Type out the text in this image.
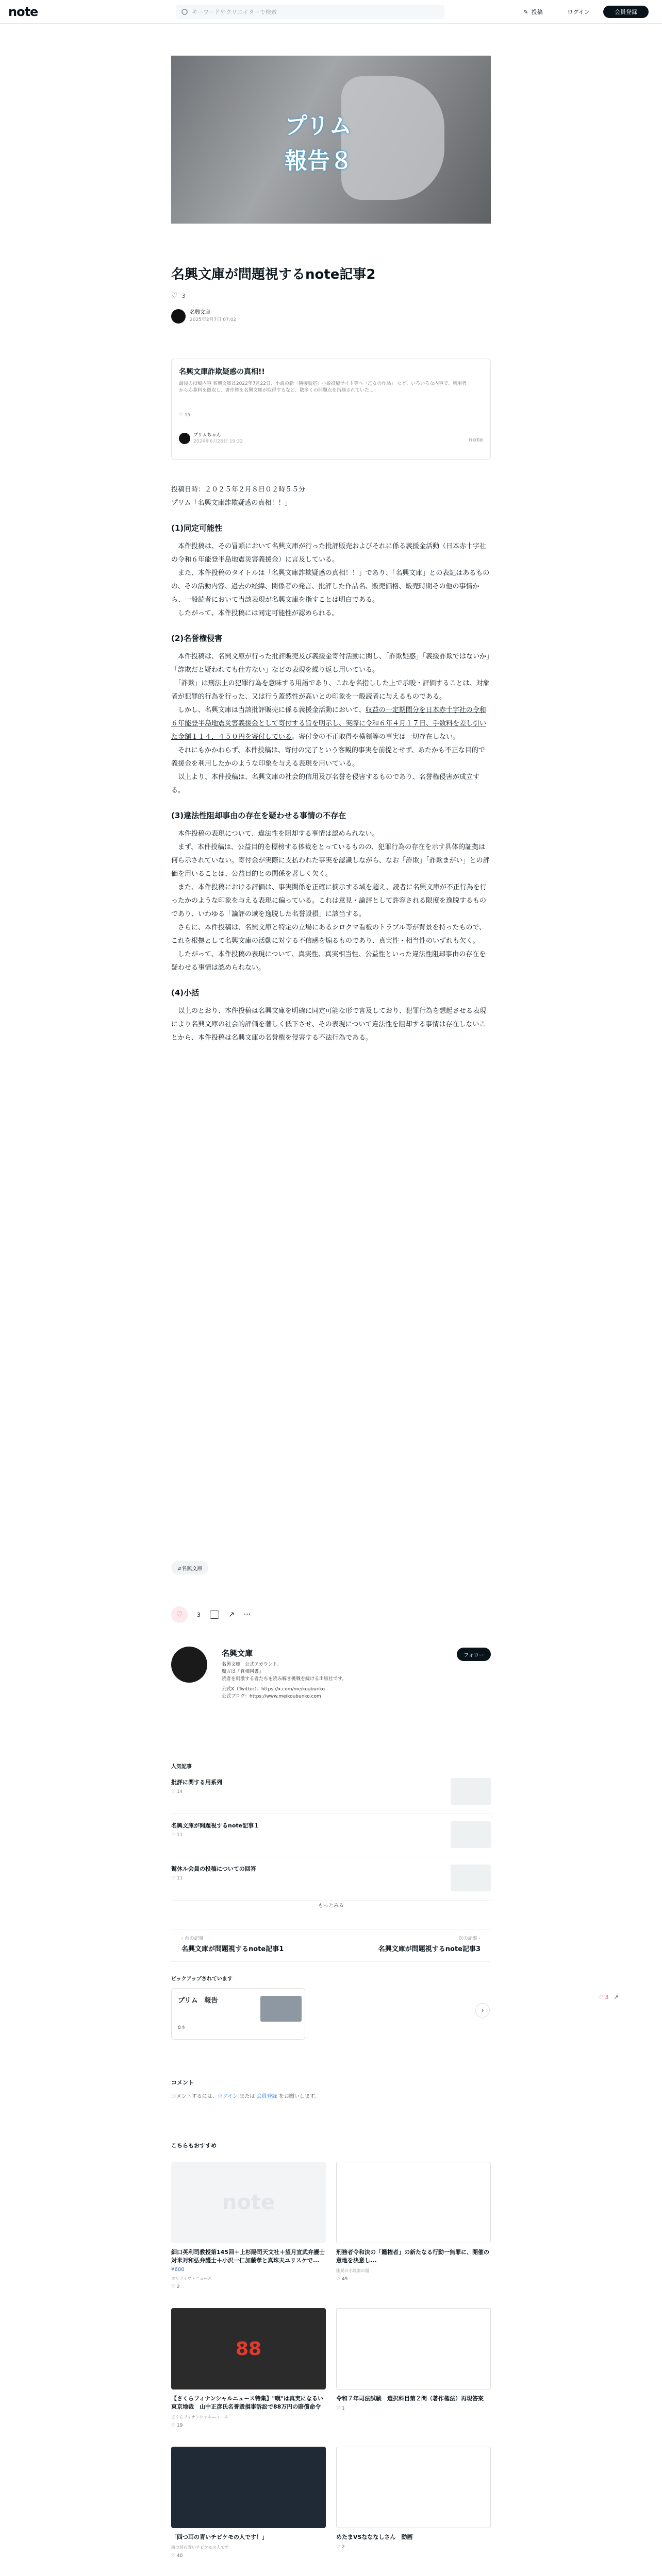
note	キーワードやクリエイターで検索	✎ 投稿	ログイン	会員登録
プリム
報告８
名興文庫が問題視するnote記事2
♡ 3
名興文庫
2025年2月7日 07:02
名興文庫詐欺疑惑の真相!!
最後の投稿内容 名興文庫は2022年7月22日、小説の新「隣接動応」小説投稿サイト等へ「乙女の作品」 など、いろいろな内容で、利用者から応募料を徴収し、著作権を名興文庫が取得するなど、数多くの問題点を指摘されていた...
♡ 15
プリムちゃん
2024年6月26日 19:32	note

投稿日時：２０２５年２月８日０２時５５分

プリム「名興文庫詐欺疑惑の真相！！」

(1)同定可能性

　本件投稿は、その冒頭において名興文庫が行った批評販売およびそれに係る義援金活動（日本赤十字社の令和６年能登半島地震災害義援金）に言及している。

　また、本件投稿のタイトルは「名興文庫詐欺疑惑の真相！！」であり、「名興文庫」との表記はあるものの、その活動内容、過去の経緯、関係者の発言、批評した作品名、販売価格、販売時期その他の事情から、一般読者において当該表現が名興文庫を指すことは明白である。

　したがって、本件投稿には同定可能性が認められる。

(2)名誉権侵害

　本件投稿は、名興文庫が行った批評販売及び義援金寄付活動に関し、「詐欺疑惑」「義援詐欺ではないか」「詐欺だと疑われても仕方ない」などの表現を繰り返し用いている。

　「詐欺」は刑法上の犯罪行為を意味する用語であり、これを名指しした上で示唆・評価することは、対象者が犯罪的行為を行った、又は行う蓋然性が高いとの印象を一般読者に与えるものである。

　しかし、名興文庫は当該批評販売に係る義援金活動において、収益の一定期間分を日本赤十字社の令和６年能登半島地震災害義援金として寄付する旨を明示し、実際に令和６年４月１７日、手数料を差し引いた金額１１４，４５０円を寄付している。寄付金の不正取得や横領等の事実は一切存在しない。

　それにもかかわらず、本件投稿は、寄付の完了という客観的事実を前提とせず、あたかも不正な目的で義援金を利用したかのような印象を与える表現を用いている。

　以上より、本件投稿は、名興文庫の社会的信用及び名誉を侵害するものであり、名誉権侵害が成立する。

(3)違法性阻却事由の存在を疑わせる事情の不存在

　本件投稿の表現について、違法性を阻却する事情は認められない。

　まず、本件投稿は、公益目的を標榜する体裁をとっているものの、犯罪行為の存在を示す具体的証拠は何ら示されていない。寄付金が実際に支払われた事実を認識しながら、なお「詐欺」「詐欺まがい」との評価を用いることは、公益目的との関係を著しく欠く。

　また、本件投稿における評価は、事実関係を正確に摘示する域を超え、読者に名興文庫が不正行為を行ったかのような印象を与える表現に偏っている。これは意見・論評として許容される限度を逸脱するものであり、いわゆる「論評の域を逸脱した名誉毀損」に該当する。

　さらに、本件投稿は、名興文庫と特定の立場にあるシロクマ看板のトラブル等が背景を持ったもので、これを根拠として名興文庫の活動に対する不信感を煽るものであり、真実性・相当性のいずれも欠く。

　したがって、本件投稿の表現について、真実性、真実相当性、公益性といった違法性阻却事由の存在を疑わせる事情は認められない。

(4)小括

　以上のとおり、本件投稿は名興文庫を明確に同定可能な形で言及しており、犯罪行為を想起させる表現により名興文庫の社会的評価を著しく低下させ、その表現について違法性を阻却する事情は存在しないことから、本件投稿は名興文庫の名誉権を侵害する不法行為である。

#名興文庫
♡	3	↗ ···
名興文庫
名興文庫　公式アカウント。
魔方は『真相阿書』
読者を刺激する者たちを読み解き挑戦を続ける出版社です。
公式X（Twitter）：https://x.com/meikoubunko
公式ブログ：https://www.meikoubunko.com
フォロー
人気記事
批評に関する用系列
♡ 14
名興文庫が問題視するnote記事１
♡ 11
鷲休ル会員の投稿についての回答
♡ 11
もっとみる
‹ 前の記事
名興文庫が問題視するnote記事1
次の記事 ›
名興文庫が問題視するnote記事3
ピックアップされています
プリム　報告
8本
›
♡ 3 ↗
コメント
コメントするには、ログイン または 会員登録 をお願いします。
こちらもおすすめ
note
細口英利司教授第145回＋上杉陽司天文社＋望月宣武弁護士対米対和弘弁護士＋小沢一仁加藤孝と真珠夫ユリスケで...
¥600
ホリティヴ・ニュース
♡ 2
刑務者令和決の「鑑権者」の新たなる行動一無罪に、開催の意地を決意し...
能見の小説家の面
♡ 49
88
【さくらフィナンシャルニュース特集】"嘆"は真実になるい 東京地裁　山中正彦氏名誉毀損事訴訟で88万円の賠償命令
さくらフィナンシャルニュース
♡ 19
令和７年司法試験　選択科目第２問（著作権法）再現答案
♡ 1
「四つ耳の青いチビケモの人です！」
四つ耳の青いチビケモの人です
♡ 40
めたまVSなななしさん　動画
♡ 2
